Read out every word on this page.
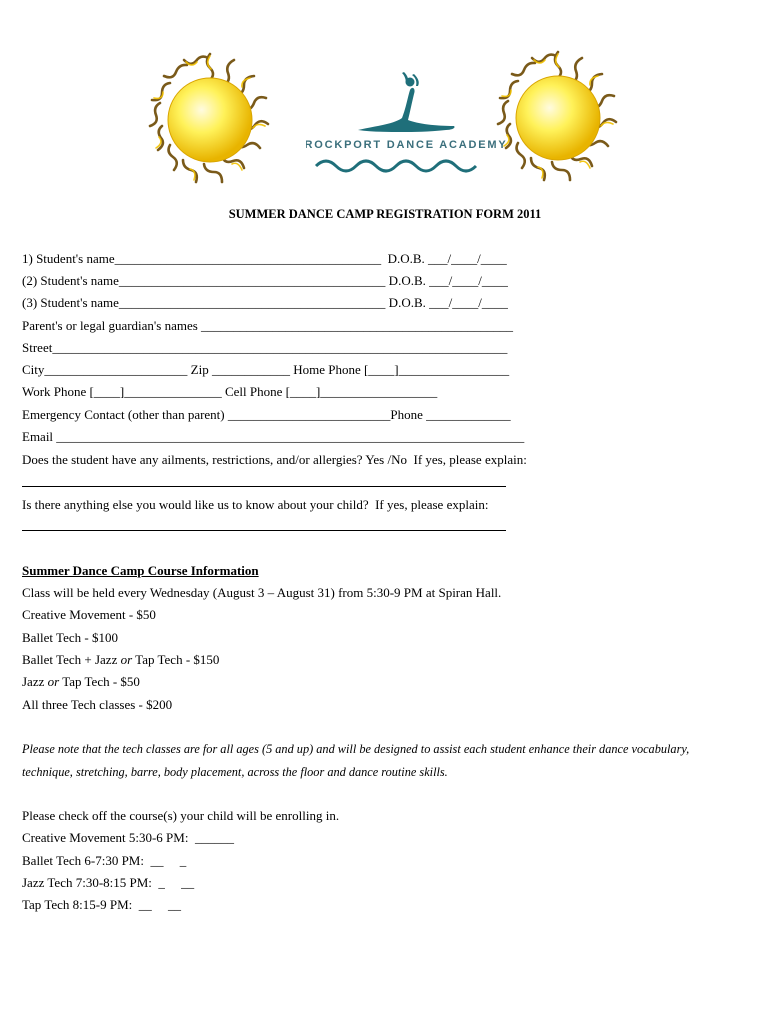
ROCKPORT DANCE ACADEMY
SUMMER DANCE CAMP REGISTRATION FORM 2011
1) Student's name_________________________________________  D.O.B. ___/____/____
(2) Student's name_________________________________________ D.O.B. ___/____/____
(3) Student's name_________________________________________ D.O.B. ___/____/____
Parent's or legal guardian's names ________________________________________________
Street______________________________________________________________________
City______________________ Zip ____________ Home Phone [____]_________________
Work Phone [____]_______________ Cell Phone [____]__________________
Emergency Contact (other than parent) _________________________Phone _____________
Email ________________________________________________________________________
Does the student have any ailments, restrictions, and/or allergies? Yes /No  If yes, please explain:
Is there anything else you would like us to know about your child?  If yes, please explain:
Summer Dance Camp Course Information
Class will be held every Wednesday (August 3 – August 31) from 5:30-9 PM at Spiran Hall.
Creative Movement - $50
Ballet Tech - $100
Ballet Tech + Jazz or Tap Tech - $150
Jazz or Tap Tech - $50
All three Tech classes - $200
Please note that the tech classes are for all ages (5 and up) and will be designed to assist each student enhance their dance vocabulary,
technique, stretching, barre, body placement, across the floor and dance routine skills.
Please check off the course(s) your child will be enrolling in.
Creative Movement 5:30-6 PM:  ______
Ballet Tech 6-7:30 PM:  __     _
Jazz Tech 7:30-8:15 PM:  _     __
Tap Tech 8:15-9 PM:  __     __
